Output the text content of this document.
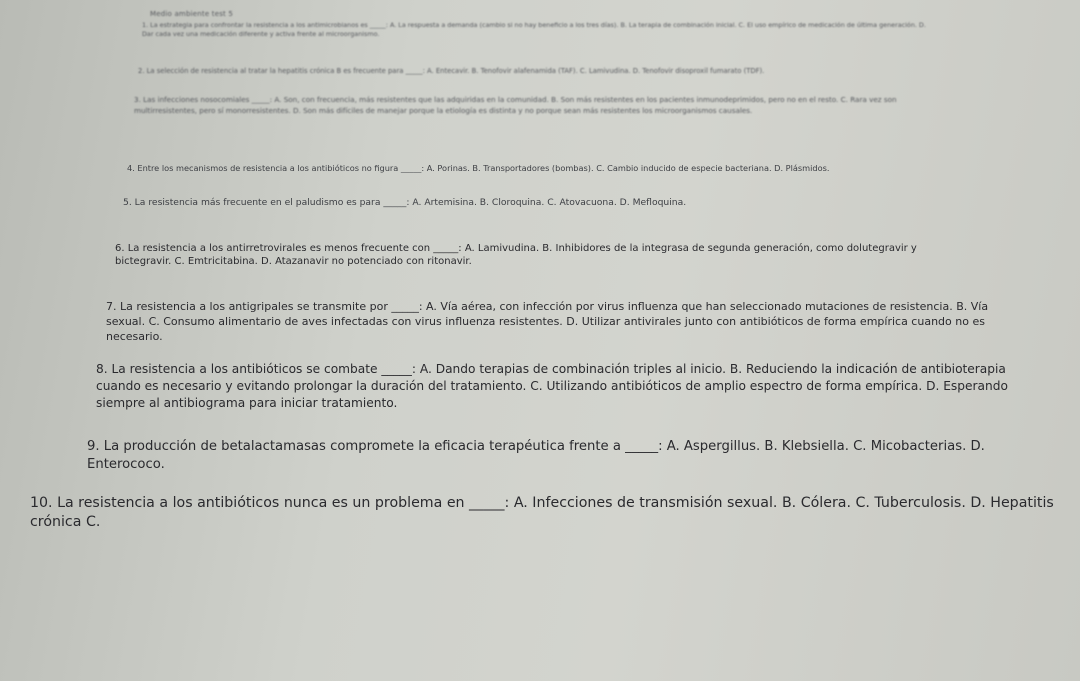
Medio ambiente test 5

1. La estrategia para confrontar la resistencia a los antimicrobianos es _____: A. La respuesta a demanda (cambio si no hay beneficio a los tres días). B. La terapia de combinación inicial. C. El uso empírico de medicación de última generación. D. Dar cada vez una medicación diferente y activa frente al microorganismo.

2. La selección de resistencia al tratar la hepatitis crónica B es frecuente para _____: A. Entecavir. B. Tenofovir alafenamida (TAF). C. Lamivudina. D. Tenofovir disoproxil fumarato (TDF).

3. Las infecciones nosocomiales _____: A. Son, con frecuencia, más resistentes que las adquiridas en la comunidad. B. Son más resistentes en los pacientes inmunodeprimidos, pero no en el resto. C. Rara vez son multirresistentes, pero sí monorresistentes. D. Son más difíciles de manejar porque la etiología es distinta y no porque sean más resistentes los microorganismos causales.

4. Entre los mecanismos de resistencia a los antibióticos no figura _____: A. Porinas. B. Transportadores (bombas). C. Cambio inducido de especie bacteriana. D. Plásmidos.

5. La resistencia más frecuente en el paludismo es para _____: A. Artemisina. B. Cloroquina. C. Atovacuona. D. Mefloquina.

6. La resistencia a los antirretrovirales es menos frecuente con _____: A. Lamivudina. B. Inhibidores de la integrasa de segunda generación, como dolutegravir y bictegravir. C. Emtricitabina. D. Atazanavir no potenciado con ritonavir.

7. La resistencia a los antigripales se transmite por _____: A. Vía aérea, con infección por virus influenza que han seleccionado mutaciones de resistencia. B. Vía sexual. C. Consumo alimentario de aves infectadas con virus influenza resistentes. D. Utilizar antivirales junto con antibióticos de forma empírica cuando no es necesario.

8. La resistencia a los antibióticos se combate _____: A. Dando terapias de combinación triples al inicio. B. Reduciendo la indicación de antibioterapia cuando es necesario y evitando prolongar la duración del tratamiento. C. Utilizando antibióticos de amplio espectro de forma empírica. D. Esperando siempre al antibiograma para iniciar tratamiento.

9. La producción de betalactamasas compromete la eficacia terapéutica frente a _____: A. Aspergillus. B. Klebsiella. C. Micobacterias. D. Enterococo.

10. La resistencia a los antibióticos nunca es un problema en _____: A. Infecciones de transmisión sexual. B. Cólera. C. Tuberculosis. D. Hepatitis crónica C.
